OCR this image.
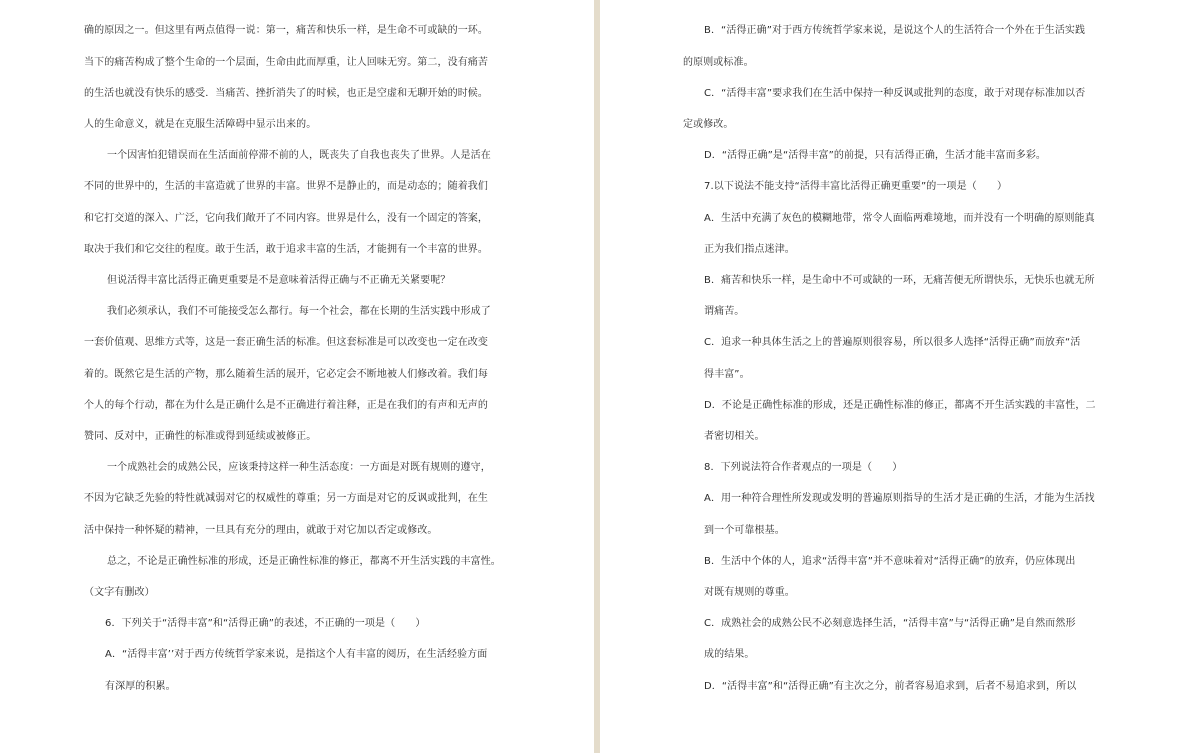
确的原因之一。但这里有两点值得一说：第一，痛苦和快乐一样，是生命不可或缺的一环。
当下的痛苦构成了整个生命的一个层面，生命由此而厚重，让人回味无穷。第二，没有痛苦
的生活也就没有快乐的感受．当痛苦、挫折消失了的时候，也正是空虚和无聊开始的时候。
人的生命意义，就是在克服生活障碍中显示出来的。
一个因害怕犯错误而在生活面前停滞不前的人，既丧失了自我也丧失了世界。人是活在
不同的世界中的，生活的丰富造就了世界的丰富。世界不是静止的，而是动态的；随着我们
和它打交道的深入、广泛，它向我们敞开了不同内容。世界是什么，没有一个固定的答案，
取决于我们和它交往的程度。敢于生活，敢于追求丰富的生活，才能拥有一个丰富的世界。
但说活得丰富比活得正确更重要是不是意味着活得正确与不正确无关紧要呢？
我们必须承认，我们不可能接受怎么都行。每一个社会，都在长期的生活实践中形成了
一套价值观、思维方式等，这是一套正确生活的标准。但这套标准是可以改变也一定在改变
着的。既然它是生活的产物，那么随着生活的展开，它必定会不断地被人们修改着。我们每
个人的每个行动，都在为什么是正确什么是不正确进行着注释，正是在我们的有声和无声的
赞同、反对中，正确性的标准或得到延续或被修正。
一个成熟社会的成熟公民，应该秉持这样一种生活态度：一方面是对既有规则的遵守，
不因为它缺乏先验的特性就减弱对它的权威性的尊重；另一方面是对它的反讽或批判，在生
活中保持一种怀疑的精神，一旦具有充分的理由，就敢于对它加以否定或修改。
总之，不论是正确性标准的形成，还是正确性标准的修正，都离不开生活实践的丰富性。
（文字有删改）
6．下列关于“活得丰富”和“活得正确”的表述，不正确的一项是（　　）
A．“活得丰富’’对于西方传统哲学家来说，是指这个人有丰富的阅历，在生活经验方面
有深厚的积累。
B．“活得正确”对于西方传统哲学家来说，是说这个人的生活符合一个外在于生活实践
的原则或标准。
C．“活得丰富”要求我们在生活中保持一种反讽或批判的态度，敢于对现存标准加以否
定或修改。
D．“活得正确”是“活得丰富”的前提，只有活得正确，生活才能丰富而多彩。
7.以下说法不能支持“活得丰富比活得正确更重要”的一项是（　　）
A．生活中充满了灰色的模糊地带，常令人面临两难境地，而并没有一个明确的原则能真
正为我们指点迷津。
B．痛苦和快乐一样，是生命中不可或缺的一环，无痛苦便无所谓快乐，无快乐也就无所
谓痛苦。
C．追求一种具体生活之上的普遍原则很容易，所以很多人选择“活得正确”而放弃“活
得丰富”。
D．不论是正确性标准的形成，还是正确性标准的修正，都离不开生活实践的丰富性，二
者密切相关。
8．下列说法符合作者观点的一项是（　　）
A．用一种符合理性所发现或发明的普遍原则指导的生活才是正确的生活，才能为生活找
到一个可靠根基。
B．生活中个体的人，追求“活得丰富”并不意味着对“活得正确”的放弃，仍应体现出
对既有规则的尊重。
C．成熟社会的成熟公民不必刻意选择生活，“活得丰富”与“活得正确”是自然而然形
成的结果。
D．“活得丰富”和“活得正确”有主次之分，前者容易追求到，后者不易追求到，所以
